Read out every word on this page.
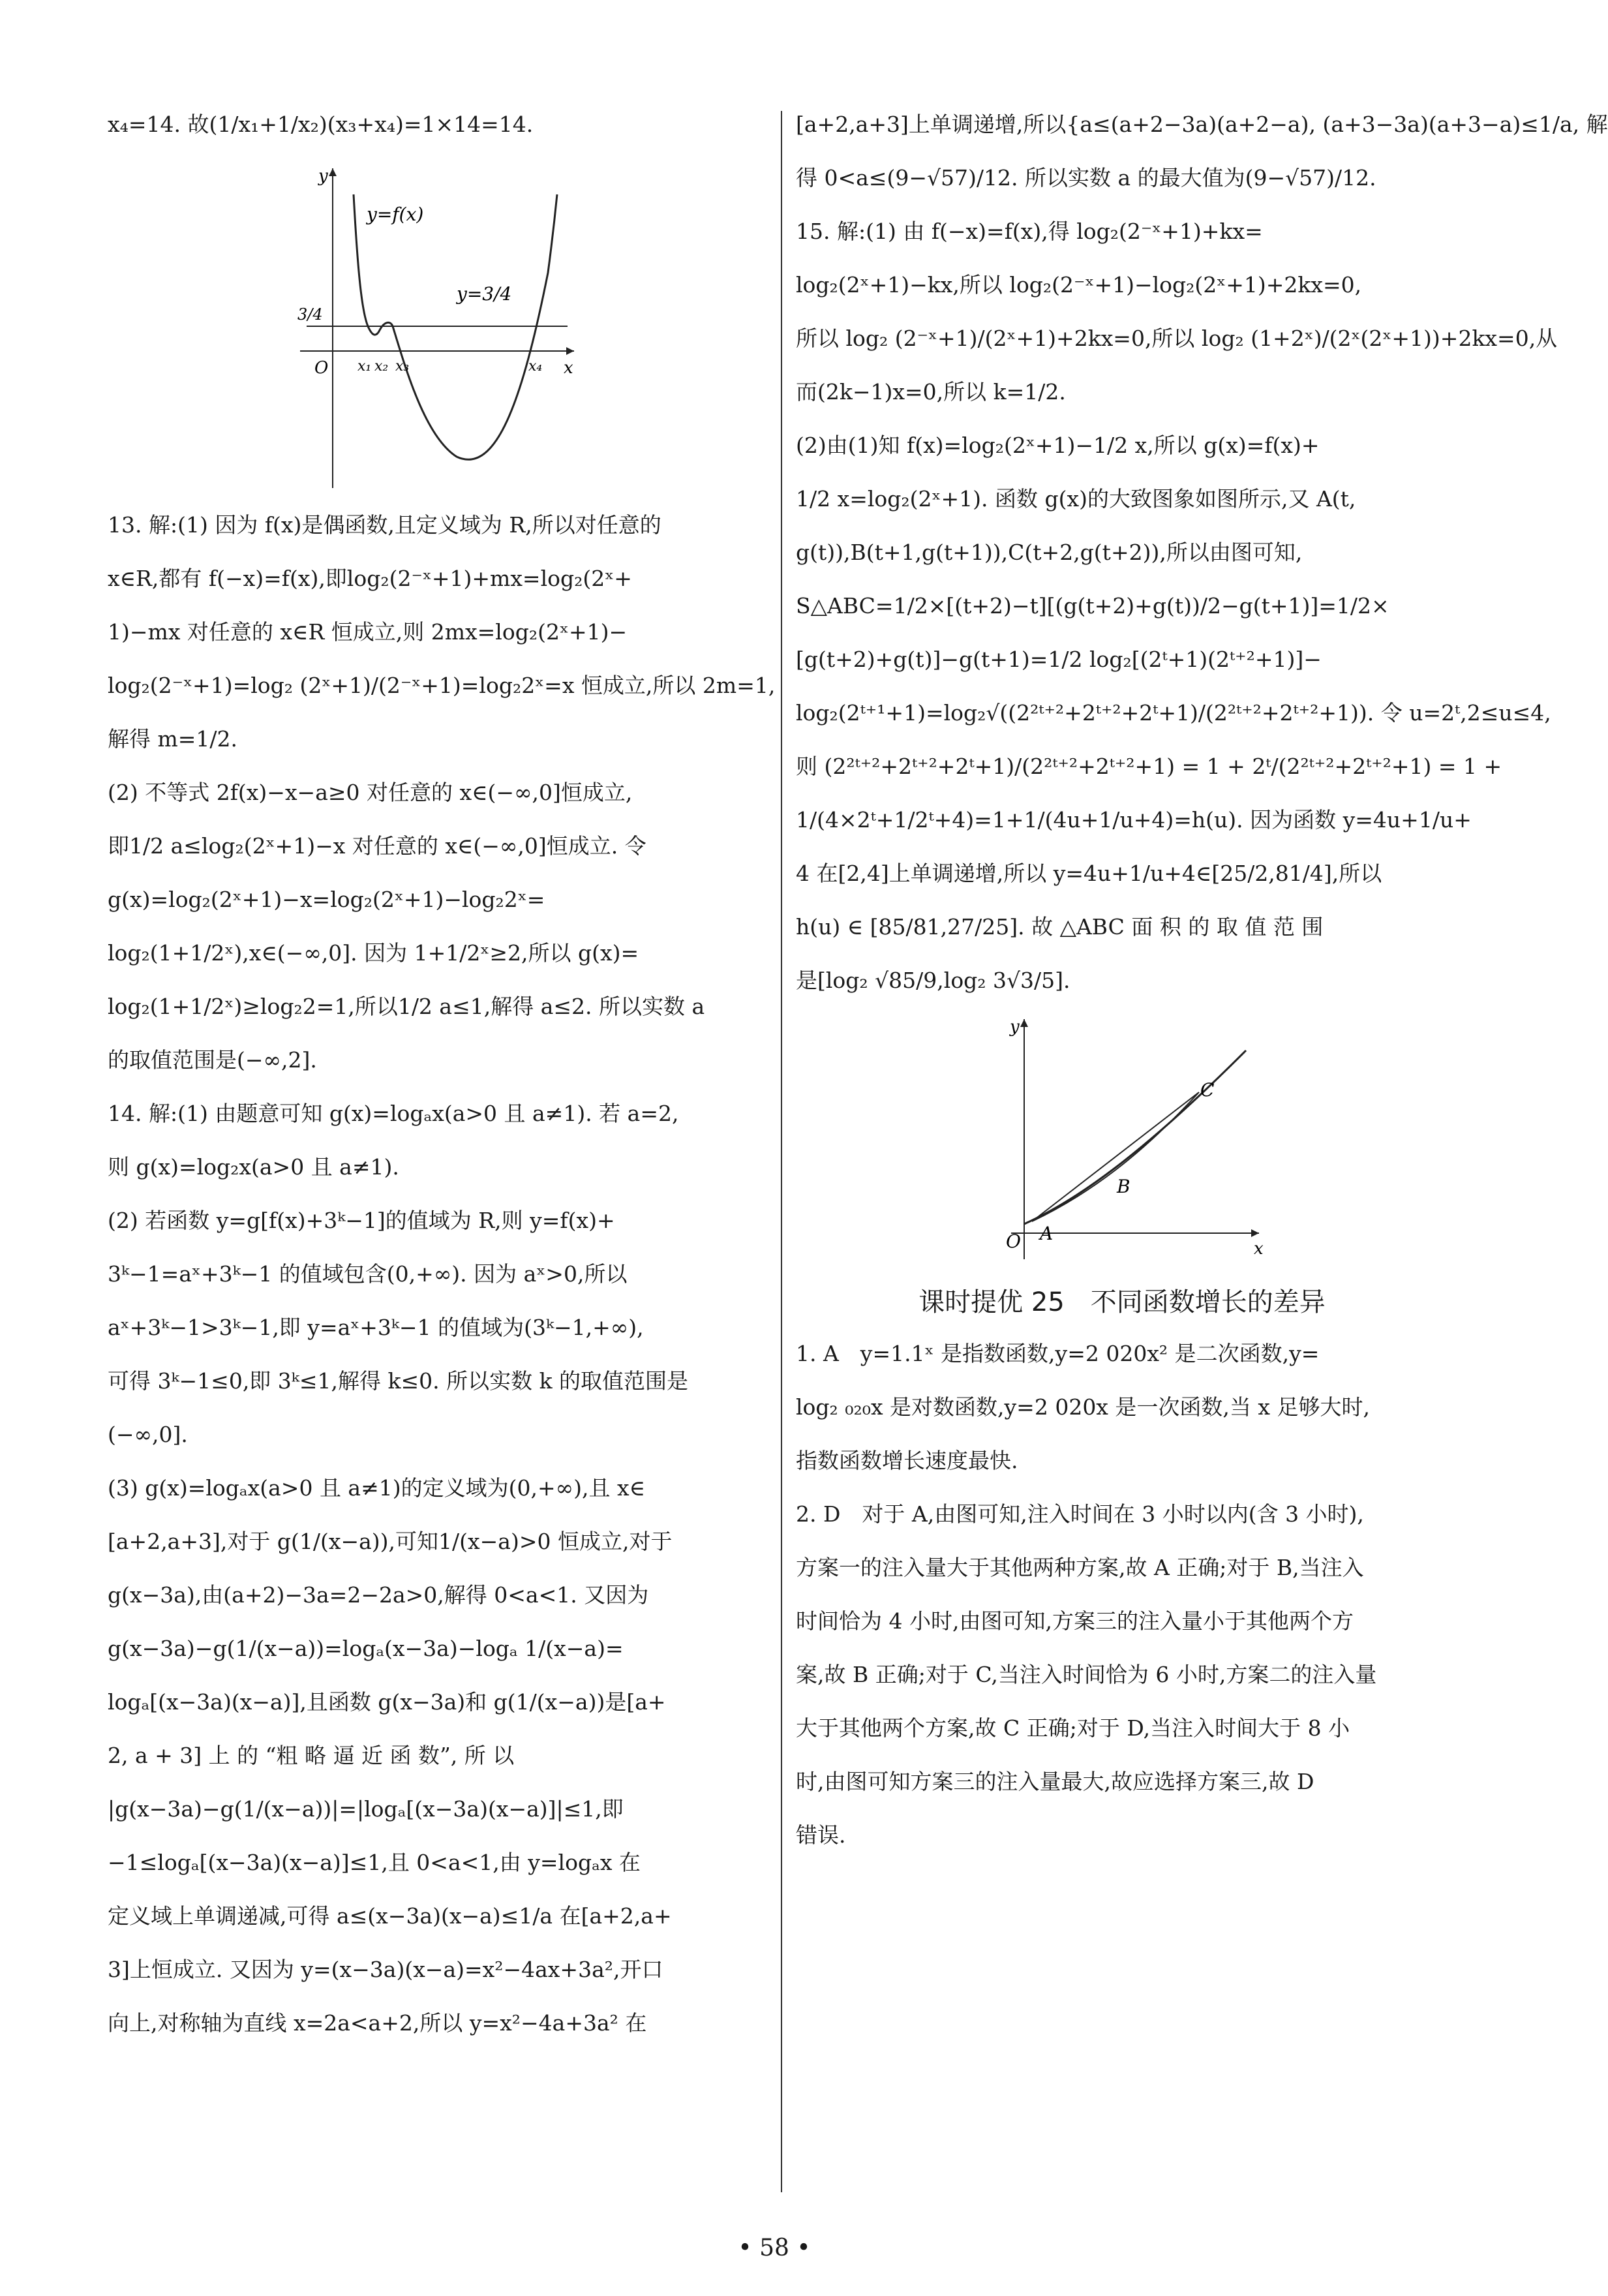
x₄=14. 故(1/x₁+1/x₂)(x₃+x₄)=1×14=14.
y
x
O
y=f(x)
y=3/4
3/4
x₁ x₂ x₃	x₄
13. 解:(1) 因为 f(x)是偶函数,且定义域为 R,所以对任意的
x∈R,都有 f(−x)=f(x),即log₂(2⁻ˣ+1)+mx=log₂(2ˣ+
1)−mx 对任意的 x∈R 恒成立,则 2mx=log₂(2ˣ+1)−
log₂(2⁻ˣ+1)=log₂ (2ˣ+1)/(2⁻ˣ+1)=log₂2ˣ=x 恒成立,所以 2m=1,
解得 m=1/2.
(2) 不等式 2f(x)−x−a≥0 对任意的 x∈(−∞,0]恒成立,
即1/2 a≤log₂(2ˣ+1)−x 对任意的 x∈(−∞,0]恒成立. 令
g(x)=log₂(2ˣ+1)−x=log₂(2ˣ+1)−log₂2ˣ=
log₂(1+1/2ˣ),x∈(−∞,0]. 因为 1+1/2ˣ≥2,所以 g(x)=
log₂(1+1/2ˣ)≥log₂2=1,所以1/2 a≤1,解得 a≤2. 所以实数 a
的取值范围是(−∞,2].
14. 解:(1) 由题意可知 g(x)=logₐx(a>0 且 a≠1). 若 a=2,
则 g(x)=log₂x(a>0 且 a≠1).
(2) 若函数 y=g[f(x)+3ᵏ−1]的值域为 R,则 y=f(x)+
3ᵏ−1=aˣ+3ᵏ−1 的值域包含(0,+∞). 因为 aˣ>0,所以
aˣ+3ᵏ−1>3ᵏ−1,即 y=aˣ+3ᵏ−1 的值域为(3ᵏ−1,+∞),
可得 3ᵏ−1≤0,即 3ᵏ≤1,解得 k≤0. 所以实数 k 的取值范围是
(−∞,0].
(3) g(x)=logₐx(a>0 且 a≠1)的定义域为(0,+∞),且 x∈
[a+2,a+3],对于 g(1/(x−a)),可知1/(x−a)>0 恒成立,对于
g(x−3a),由(a+2)−3a=2−2a>0,解得 0<a<1. 又因为
g(x−3a)−g(1/(x−a))=logₐ(x−3a)−logₐ 1/(x−a)=
logₐ[(x−3a)(x−a)],且函数 g(x−3a)和 g(1/(x−a))是[a+
2, a + 3] 上 的 “粗 略 逼 近 函 数”, 所 以
|g(x−3a)−g(1/(x−a))|=|logₐ[(x−3a)(x−a)]|≤1,即
−1≤logₐ[(x−3a)(x−a)]≤1,且 0<a<1,由 y=logₐx 在
定义域上单调递减,可得 a≤(x−3a)(x−a)≤1/a 在[a+2,a+
3]上恒成立. 又因为 y=(x−3a)(x−a)=x²−4ax+3a²,开口
向上,对称轴为直线 x=2a<a+2,所以 y=x²−4a+3a² 在
[a+2,a+3]上单调递增,所以{a≤(a+2−3a)(a+2−a), (a+3−3a)(a+3−a)≤1/a, 解
得 0<a≤(9−√57)/12. 所以实数 a 的最大值为(9−√57)/12.
15. 解:(1) 由 f(−x)=f(x),得 log₂(2⁻ˣ+1)+kx=
log₂(2ˣ+1)−kx,所以 log₂(2⁻ˣ+1)−log₂(2ˣ+1)+2kx=0,
所以 log₂ (2⁻ˣ+1)/(2ˣ+1)+2kx=0,所以 log₂ (1+2ˣ)/(2ˣ(2ˣ+1))+2kx=0,从
而(2k−1)x=0,所以 k=1/2.
(2)由(1)知 f(x)=log₂(2ˣ+1)−1/2 x,所以 g(x)=f(x)+
1/2 x=log₂(2ˣ+1). 函数 g(x)的大致图象如图所示,又 A(t,
g(t)),B(t+1,g(t+1)),C(t+2,g(t+2)),所以由图可知,
S△ABC=1/2×[(t+2)−t][(g(t+2)+g(t))/2−g(t+1)]=1/2×
[g(t+2)+g(t)]−g(t+1)=1/2 log₂[(2ᵗ+1)(2ᵗ⁺²+1)]−
log₂(2ᵗ⁺¹+1)=log₂√((2²ᵗ⁺²+2ᵗ⁺²+2ᵗ+1)/(2²ᵗ⁺²+2ᵗ⁺²+1)). 令 u=2ᵗ,2≤u≤4,
则 (2²ᵗ⁺²+2ᵗ⁺²+2ᵗ+1)/(2²ᵗ⁺²+2ᵗ⁺²+1) = 1 + 2ᵗ/(2²ᵗ⁺²+2ᵗ⁺²+1) = 1 +
1/(4×2ᵗ+1/2ᵗ+4)=1+1/(4u+1/u+4)=h(u). 因为函数 y=4u+1/u+
4 在[2,4]上单调递增,所以 y=4u+1/u+4∈[25/2,81/4],所以
h(u) ∈ [85/81,27/25]. 故 △ABC 面 积 的 取 值 范 围
是[log₂ √85/9,log₂ 3√3/5].
y
x
O A
B
C
课时提优 25　不同函数增长的差异
1. A　y=1.1ˣ 是指数函数,y=2 020x² 是二次函数,y=
log₂ ₀₂₀x 是对数函数,y=2 020x 是一次函数,当 x 足够大时,
指数函数增长速度最快.
2. D　对于 A,由图可知,注入时间在 3 小时以内(含 3 小时),
方案一的注入量大于其他两种方案,故 A 正确;对于 B,当注入
时间恰为 4 小时,由图可知,方案三的注入量小于其他两个方
案,故 B 正确;对于 C,当注入时间恰为 6 小时,方案二的注入量
大于其他两个方案,故 C 正确;对于 D,当注入时间大于 8 小
时,由图可知方案三的注入量最大,故应选择方案三,故 D
错误.
• 58 •
